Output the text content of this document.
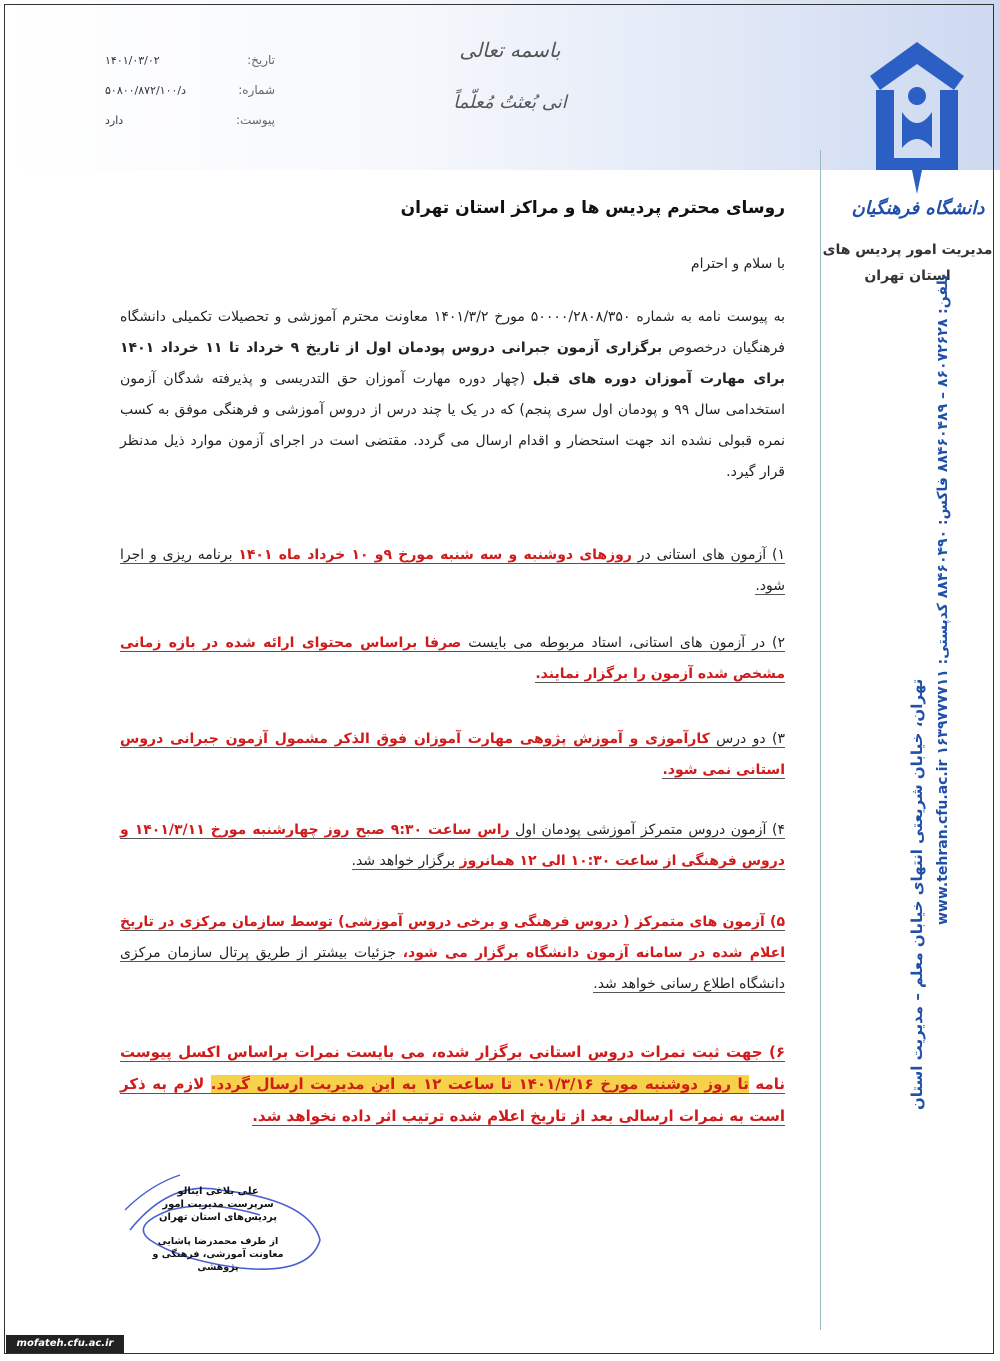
تاریخ:
۱۴۰۱/۰۳/۰۲
شماره:
۵۰۸۰۰/۸۷۲/۱۰۰/د
پیوست:
دارد
باسمه تعالی
انی بُعثتُ مُعلّماً
دانشگاه فرهنگیان
مدیریت امور پردیس های
استان تهران
تهران، خیابان شریعتی انتهای خیابان معلم – مدیریت استان تلفن: ۸۶۰۷۲۶۲۸ – ۸۸۴۶۰۴۸۹ فاکس: ۸۸۴۶۰۴۹۰ کدپستی: ۱۶۳۹۷۷۷۷۱۱ www.tehran.cfu.ac.ir
روسای محترم پردیس ها و مراکز استان تهران
با سلام و احترام
به پیوست نامه به شماره ۵۰۰۰۰/۲۸۰۸/۳۵۰ مورخ ۱۴۰۱/۳/۲ معاونت محترم آموزشی و تحصیلات تکمیلی دانشگاه فرهنگیان درخصوص برگزاری آزمون جبرانی دروس پودمان اول از تاریخ ۹ خرداد تا ۱۱ خرداد ۱۴۰۱ برای مهارت آموزان دوره های قبل (چهار دوره مهارت آموزان حق التدریسی و پذیرفته شدگان آزمون استخدامی سال ۹۹ و پودمان اول سری پنجم) که در یک یا چند درس از دروس آموزشی و فرهنگی موفق به کسب نمره قبولی نشده اند جهت استحضار و اقدام ارسال می گردد. مقتضی است در اجرای آزمون موارد ذیل مدنظر قرار گیرد.
۱) آزمون های استانی در روزهای دوشنبه و سه شنبه مورخ ۹و ۱۰ خرداد ماه ۱۴۰۱ برنامه ریزی و اجرا شود.
۲) در آزمون های استانی، استاد مربوطه می بایست صرفا براساس محتوای ارائه شده در بازه زمانی مشخص شده آزمون را برگزار نمایند.
۳) دو درس کارآموزی و آموزش پژوهی مهارت آموزان فوق الذکر مشمول آزمون جبرانی دروس استانی نمی شود.
۴) آزمون دروس متمرکز آموزشی پودمان اول راس ساعت ۹:۳۰ صبح روز چهارشنبه مورخ ۱۴۰۱/۳/۱۱ و دروس فرهنگی از ساعت ۱۰:۳۰ الی ۱۲ همانروز برگزار خواهد شد.
۵) آزمون های متمرکز ( دروس فرهنگی و برخی دروس آموزشی) توسط سازمان مرکزی در تاریخ اعلام شده در سامانه آزمون دانشگاه برگزار می شود، جزئیات بیشتر از طریق پرتال سازمان مرکزی دانشگاه اطلاع رسانی خواهد شد.
۶) جهت ثبت نمرات دروس استانی برگزار شده، می بایست نمرات براساس اکسل پیوست نامه تا روز دوشنبه مورخ ۱۴۰۱/۳/۱۶ تا ساعت ۱۲ به این مدیریت ارسال گردد. لازم به ذکر است به نمرات ارسالی بعد از تاریخ اعلام شده ترتیب اثر داده نخواهد شد.
علی بلاغی اینالو
سرپرست مدیریت امور
پردیس‌های استان تهران
از طرف محمدرضا پاشایی
معاونت آموزشی، فرهنگی و پژوهشی
mofateh.cfu.ac.ir
